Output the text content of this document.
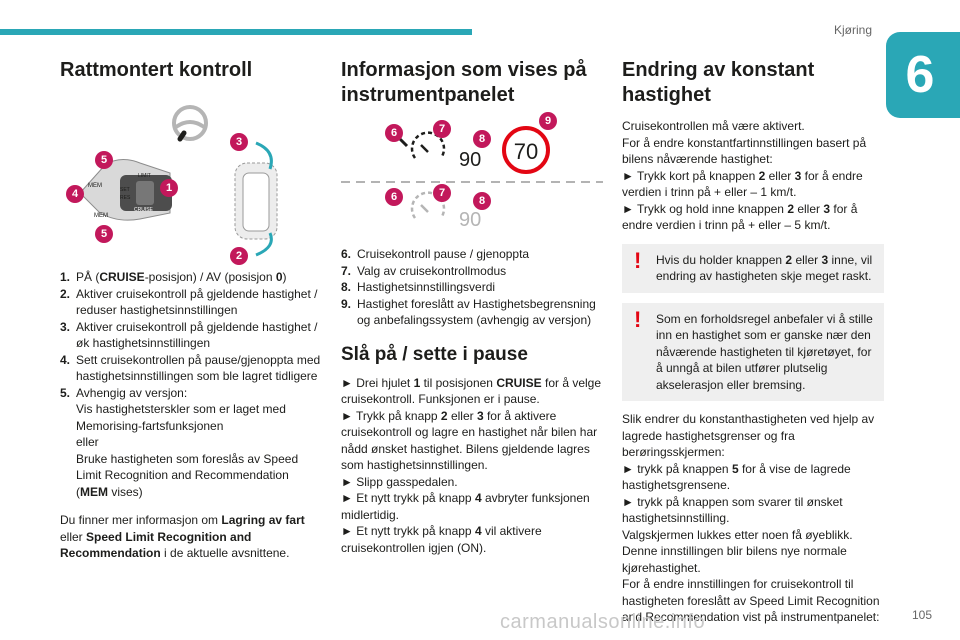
Kjøring
6
Rattmontert kontroll
MEM
MEM
CRUISE
LIMIT
SET
RES
5
4
5
1
3
2
1. PÅ (CRUISE-posisjon) / AV (posisjon 0)
2. Aktiver cruisekontroll på gjeldende hastighet / reduser hastighetsinnstillingen
3. Aktiver cruisekontroll på gjeldende hastighet / øk hastighetsinnstillingen
4. Sett cruisekontrollen på pause/gjenoppta med hastighetsinnstillingen som ble lagret tidligere
5. Avhengig av versjon:
Vis hastighetsterskler som er laget med Memorising-fartsfunksjonen
eller
Bruke hastigheten som foreslås av Speed Limit Recognition and Recommendation
(MEM vises)

Du finner mer informasjon om Lagring av fart eller Speed Limit Recognition and Recommendation i de aktuelle avsnittene.

Informasjon som vises på instrumentpanelet
90 70
90
6	7
8
9
6	7
8
6. Cruisekontroll pause / gjenoppta
7. Valg av cruisekontrollmodus
8. Hastighetsinnstillingsverdi
9. Hastighet foreslått av Hastighetsbegrensning og anbefalingssystem (avhengig av versjon)
Slå på / sette i pause

► Drei hjulet 1 til posisjonen CRUISE for å velge cruisekontroll. Funksjonen er i pause.

► Trykk på knapp 2 eller 3 for å aktivere cruisekontroll og lagre en hastighet når bilen har nådd ønsket hastighet. Bilens gjeldende lagres som hastighetsinnstillingen.

► Slipp gasspedalen.

► Et nytt trykk på knapp 4 avbryter funksjonen midlertidig.

► Et nytt trykk på knapp 4 vil aktivere cruisekontrollen igjen (ON).

Endring av konstant hastighet

Cruisekontrollen må være aktivert.

For å endre konstantfartinnstillingen basert på bilens nåværende hastighet:

► Trykk kort på knappen 2 eller 3 for å endre verdien i trinn på + eller – 1 km/t.

► Trykk og hold inne knappen 2 eller 3 for å endre verdien i trinn på + eller – 5 km/t.

! Hvis du holder knappen 2 eller 3 inne, vil endring av hastigheten skje meget raskt.
! Som en forholdsregel anbefaler vi å stille inn en hastighet som er ganske nær den nåværende hastigheten til kjøretøyet, for å unngå at bilen utfører plutselig akselerasjon eller bremsing.

Slik endrer du konstanthastigheten ved hjelp av lagrede hastighetsgrenser og fra berøringsskjermen:

► trykk på knappen 5 for å vise de lagrede hastighetsgrensene.

► trykk på knappen som svarer til ønsket hastighetsinnstilling.

Valgskjermen lukkes etter noen få øyeblikk.

Denne innstillingen blir bilens nye normale kjørehastighet.

For å endre innstillingen for cruisekontroll til hastigheten foreslått av Speed Limit Recognition and Recommendation vist på instrumentpanelet:	105
carmanualsonline.info
